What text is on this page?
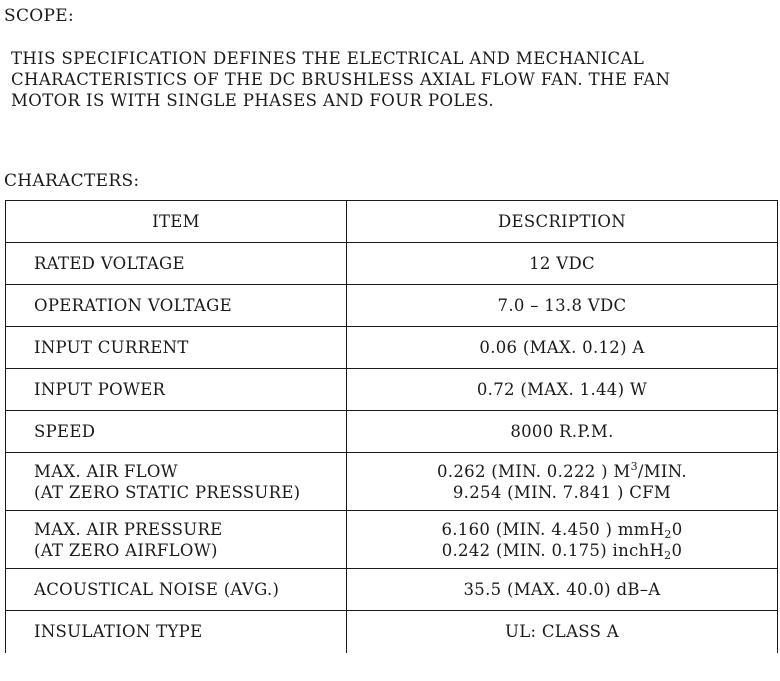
SCOPE:

THIS SPECIFICATION DEFINES THE ELECTRICAL AND MECHANICAL
CHARACTERISTICS OF THE DC BRUSHLESS AXIAL FLOW FAN. THE FAN
MOTOR IS WITH SINGLE PHASES AND FOUR POLES.

CHARACTERS:
ITEM	DESCRIPTION
RATED VOLTAGE	12 VDC
OPERATION VOLTAGE	7.0 – 13.8 VDC
INPUT CURRENT	0.06 (MAX. 0.12) A
INPUT POWER	0.72 (MAX. 1.44) W
SPEED	8000 R.P.M.

MAX. AIR FLOW
(AT ZERO STATIC PRESSURE)	0.262 (MIN. 0.222 ) $M^3$/MIN.
9.254 (MIN. 7.841 ) CFM

MAX. AIR PRESSURE
(AT ZERO AIRFLOW)	6.160 (MIN. 4.450 ) mmH$_2$0
0.242 (MIN. 0.175) inchH$_2$0

ACOUSTICAL NOISE (AVG.)	35.5 (MAX. 40.0) dB–A
INSULATION TYPE	UL: CLASS A
